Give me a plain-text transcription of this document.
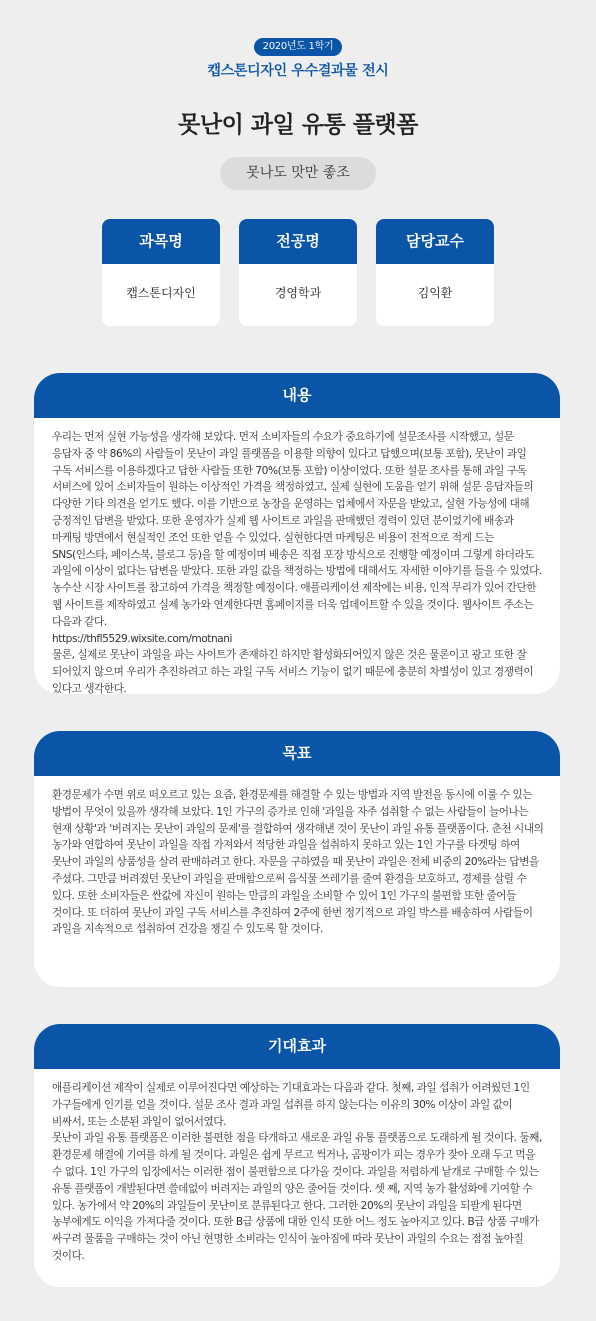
2020년도 1학기
캡스톤디자인 우수결과물 전시
못난이 과일 유통 플랫폼
못나도 맛만 좋조
과목명
캡스톤디자인
전공명
경영학과
담당교수
김익환
내용

우리는 먼저 실현 가능성을 생각해 보았다. 먼저 소비자들의 수요가 중요하기에 설문조사를 시작했고, 설문 응답자 중 약 86%의 사람들이 못난이 과일 플랫폼을 이용할 의향이 있다고 답했으며(보통 포함), 못난이 과일 구독 서비스를 이용하겠다고 답한 사람들 또한 70%(보통 포함) 이상이었다. 또한 설문 조사를 통해 과일 구독 서비스에 있어 소비자들이 원하는 이상적인 가격을 책정하였고, 실제 실현에 도움을 얻기 위해 설문 응답자들의 다양한 기타 의견을 얻기도 했다. 이를 기반으로 농장을 운영하는 업체에서 자문을 받았고, 실현 가능성에 대해 긍정적인 답변을 받았다. 또한 운영자가 실제 웹 사이트로 과일을 판매했던 경력이 있던 분이었기에 배송과 마케팅 방면에서 현실적인 조언 또한 얻을 수 있었다. 실현한다면 마케팅은 비용이 전적으로 적게 드는 SNS(인스타, 페이스북, 블로그 등)을 할 예정이며 배송은 직접 포장 방식으로 진행할 예정이며 그렇게 하더라도 과일에 이상이 없다는 답변을 받았다. 또한 과일 값을 책정하는 방법에 대해서도 자세한 이야기를 들을 수 있었다. 농수산 시장 사이트를 참고하여 가격을 책정할 예정이다. 애플리케이션 제작에는 비용, 인적 무리가 있어 간단한 웹 사이트를 제작하였고 실제 농가와 연계한다면 홈페이지를 더욱 업데이트할 수 있을 것이다. 웹사이트 주소는 다음과 같다.

https://thfl5529.wixsite.com/motnani

물론, 실제로 못난이 과일을 파는 사이트가 존재하긴 하지만 활성화되어있지 않은 것은 물론이고 광고 또한 잘 되어있지 않으며 우리가 추진하려고 하는 과일 구독 서비스 기능이 없기 때문에 충분히 차별성이 있고 경쟁력이 있다고 생각한다.

목표

환경문제가 수면 위로 떠오르고 있는 요즘, 환경문제를 해결할 수 있는 방법과 지역 발전을 동시에 이룰 수 있는 방법이 무엇이 있을까 생각해 보았다. 1인 가구의 증가로 인해 '과일을 자주 섭취할 수 없는 사람들이 늘어나는 현재 상황'과 '버려지는 못난이 과일의 문제'를 결합하여 생각해낸 것이 못난이 과일 유통 플랫폼이다. 춘천 시내의 농가와 연합하여 못난이 과일을 직접 가져와서 적당한 과일을 섭취하지 못하고 있는 1인 가구를 타겟팅 하여 못난이 과일의 상품성을 살려 판매하려고 한다. 자문을 구하였을 때 못난이 과일은 전체 비중의 20%라는 답변을 주셨다. 그만큼 버려졌던 못난이 과일을 판매함으로써 음식물 쓰레기를 줄여 환경을 보호하고, 경제를 살릴 수 있다. 또한 소비자들은 싼값에 자신이 원하는 만큼의 과일을 소비할 수 있어 1인 가구의 불편함 또한 줄어들 것이다. 또 더하여 못난이 과일 구독 서비스를 추진하여 2주에 한번 정기적으로 과일 박스를 배송하여 사람들이 과일을 지속적으로 섭취하여 건강을 챙길 수 있도록 할 것이다.

기대효과

애플리케이션 제작이 실제로 이루어진다면 예상하는 기대효과는 다음과 같다. 첫째, 과일 섭취가 어려웠던 1인 가구들에게 인기를 얻을 것이다. 설문 조사 결과 과일 섭취를 하지 않는다는 이유의 30% 이상이 과일 값이 비싸서, 또는 소분된 과일이 없어서였다.

못난이 과일 유통 플랫폼은 이러한 불편한 점을 타개하고 새로운 과일 유통 플랫폼으로 도래하게 될 것이다. 둘째, 환경문제 해결에 기여를 하게 될 것이다. 과일은 쉽게 무르고 썩거나, 곰팡이가 피는 경우가 잦아 오래 두고 먹을 수 없다. 1인 가구의 입장에서는 이러한 점이 불편함으로 다가올 것이다. 과일을 저렴하게 낱개로 구매할 수 있는 유통 플랫폼이 개발된다면 쓸데없이 버려지는 과일의 양은 줄어들 것이다. 셋 째, 지역 농가 활성화에 기여할 수 있다. 농가에서 약 20%의 과일들이 못난이로 분류된다고 한다. 그러한 20%의 못난이 과일을 되팔게 된다면 농부에게도 이익을 가져다줄 것이다. 또한 B급 상품에 대한 인식 또한 어느 정도 높아지고 있다. B급 상품 구매가 싸구려 물품을 구매하는 것이 아닌 현명한 소비라는 인식이 높아짐에 따라 못난이 과일의 수요는 점점 높아질 것이다.
